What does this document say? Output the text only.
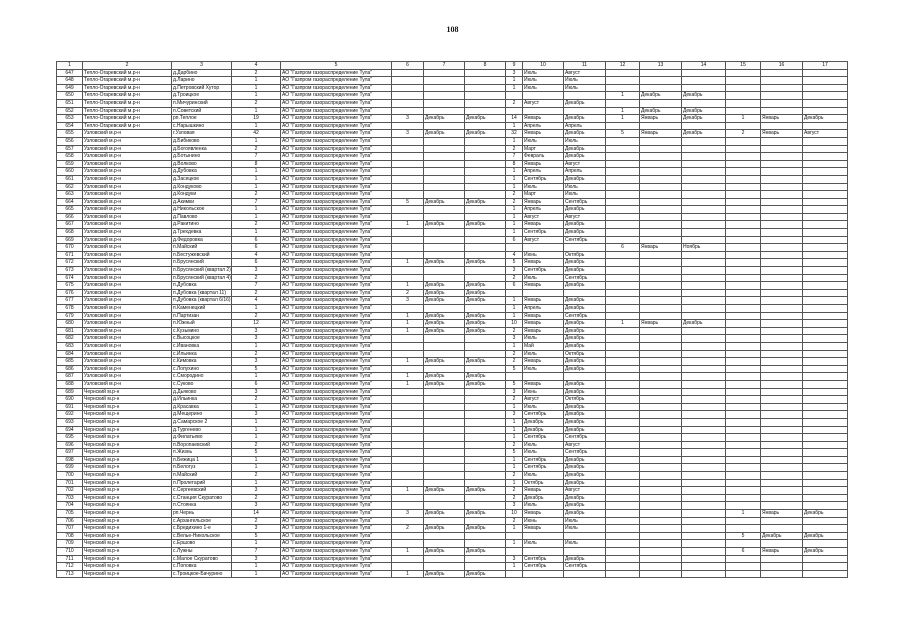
108
1	2	3	4	5	6	7	8	9	10	11	12	13	14	15	16	17
647	Тепло-Огаревский м.р-н	д.Дарбино	2	АО "Газпром газораспределение Тула"				3	Июль	Август						
648	Тепло-Огаревский м.р-н	д.Ларино	1	АО "Газпром газораспределение Тула"				1	Июль	Июль						
649	Тепло-Огаревский м.р-н	д.Петровский Хутор	1	АО "Газпром газораспределение Тула"				1	Июль	Июль						
650	Тепло-Огаревский м.р-н	д.Троицкое	1	АО "Газпром газораспределение Тула"							1	Декабрь	Декабрь			
651	Тепло-Огаревский м.р-н	п.Мичуринский	2	АО "Газпром газораспределение Тула"				2	Август	Декабрь						
652	Тепло-Огаревский м.р-н	п.Советский	1	АО "Газпром газораспределение Тула"							1	Декабрь	Декабрь			
653	Тепло-Огаревский м.р-н	рп.Теплое	19	АО "Газпром газораспределение Тула"	3	Декабрь	Декабрь	14	Январь	Декабрь	1	Январь	Декабрь	1	Январь	Декабрь
654	Тепло-Огаревский м.р-н	с.Нарышкино	1	АО "Газпром газораспределение Тула"				1	Апрель	Апрель						
655	Узловский м.р-н	г.Узловая	42	АО "Газпром газораспределение Тула"	3	Декабрь	Декабрь	32	Январь	Декабрь	5	Январь	Декабрь	2	Январь	Август
656	Узловский м.р-н	д.Бибиково	1	АО "Газпром газораспределение Тула"				1	Июль	Июль						
657	Узловский м.р-н	д.Богоявленка	2	АО "Газпром газораспределение Тула"				2	Март	Декабрь						
658	Узловский м.р-н	д.Ботынино	7	АО "Газпром газораспределение Тула"				7	Февраль	Декабрь						
659	Узловский м.р-н	д.Волково	8	АО "Газпром газораспределение Тула"				8	Январь	Август						
660	Узловский м.р-н	д.Дубовка	1	АО "Газпром газораспределение Тула"				1	Апрель	Апрель						
661	Узловский м.р-н	д.Засецкое	1	АО "Газпром газораспределение Тула"				1	Сентябрь	Декабрь						
662	Узловский м.р-н	д.Кондуково	1	АО "Газпром газораспределение Тула"				1	Июль	Июль						
663	Узловский м.р-н	д.Кондуки	2	АО "Газпром газораспределение Тула"				2	Март	Июль						
664	Узловский м.р-н	д.Акимки	7	АО "Газпром газораспределение Тула"	5	Декабрь	Декабрь	2	Январь	Сентябрь						
665	Узловский м.р-н	д.Никольское	1	АО "Газпром газораспределение Тула"				1	Апрель	Декабрь						
666	Узловский м.р-н	д.Павлово	1	АО "Газпром газораспределение Тула"				1	Август	Август						
667	Узловский м.р-н	д.Ракитино	2	АО "Газпром газораспределение Тула"	1	Декабрь	Декабрь	1	Январь	Декабрь						
668	Узловский м.р-н	д.Трехдевка	1	АО "Газпром газораспределение Тула"				1	Сентябрь	Декабрь						
669	Узловский м.р-н	д.Федоровка	6	АО "Газпром газораспределение Тула"				6	Август	Сентябрь						
670	Узловский м.р-н	п.Майский	6	АО "Газпром газораспределение Тула"							6	Январь	Ноябрь			
671	Узловский м.р-н	п.Бестужевский	4	АО "Газпром газораспределение Тула"				4	Июнь	Октябрь						
672	Узловский м.р-н	п.Брусянский	6	АО "Газпром газораспределение Тула"	1	Декабрь	Декабрь	5	Январь	Декабрь						
673	Узловский м.р-н	п.Брусянский (квартал 2)	3	АО "Газпром газораспределение Тула"				3	Сентябрь	Декабрь						
674	Узловский м.р-н	п.Брусянский (квартал 4)	2	АО "Газпром газораспределение Тула"				2	Июль	Сентябрь						
675	Узловский м.р-н	п.Дубовка	7	АО "Газпром газораспределение Тула"	1	Декабрь	Декабрь	6	Январь	Декабрь						
676	Узловский м.р-н	п.Дубовка (квартал 11)	2	АО "Газпром газораспределение Тула"	2	Декабрь	Декабрь									
677	Узловский м.р-н	п.Дубовка (квартал 6/16)	4	АО "Газпром газораспределение Тула"	3	Декабрь	Декабрь	1	Январь	Декабрь						
678	Узловский м.р-н	п.Каменецкий	1	АО "Газпром газораспределение Тула"				1	Апрель	Декабрь						
679	Узловский м.р-н	п.Партизан	2	АО "Газпром газораспределение Тула"	1	Декабрь	Декабрь	1	Январь	Сентябрь						
680	Узловский м.р-н	п.Южный	12	АО "Газпром газораспределение Тула"	1	Декабрь	Декабрь	10	Январь	Декабрь	1	Январь	Декабрь			
681	Узловский м.р-н	с.Кузьмино	3	АО "Газпром газораспределение Тула"	1	Декабрь	Декабрь	2	Январь	Декабрь						
682	Узловский м.р-н	с.Высоцкое	3	АО "Газпром газораспределение Тула"				3	Июль	Декабрь						
683	Узловский м.р-н	с.Ивановка	1	АО "Газпром газораспределение Тула"				1	Май	Декабрь						
684	Узловский м.р-н	с.Ильинка	2	АО "Газпром газораспределение Тула"				2	Июль	Октябрь						
685	Узловский м.р-н	с.Кимовка	3	АО "Газпром газораспределение Тула"	1	Декабрь	Декабрь	2	Январь	Декабрь						
686	Узловский м.р-н	с.Лопухино	5	АО "Газпром газораспределение Тула"				5	Июль	Декабрь						
687	Узловский м.р-н	с.Смородино	1	АО "Газпром газораспределение Тула"	1	Декабрь	Декабрь									
688	Узловский м.р-н	с.Суково	6	АО "Газпром газораспределение Тула"	1	Декабрь	Декабрь	5	Январь	Декабрь						
689	Чернский м.р-н	д.Дьяково	3	АО "Газпром газораспределение Тула"				3	Июнь	Декабрь						
690	Чернский м.р-н	д.Ильинка	2	АО "Газпром газораспределение Тула"				2	Август	Октябрь						
691	Чернский м.р-н	д.Красавка	1	АО "Газпром газораспределение Тула"				1	Июль	Декабрь						
692	Чернский м.р-н	д.Мещерино	3	АО "Газпром газораспределение Тула"				3	Сентябрь	Декабрь						
693	Чернский м.р-н	д.Самарское 2	1	АО "Газпром газораспределение Тула"				1	Декабрь	Декабрь						
694	Чернский м.р-н	д.Тургенево	1	АО "Газпром газораспределение Тула"				1	Декабрь	Декабрь						
695	Чернский м.р-н	д.Филатьево	1	АО "Газпром газораспределение Тула"				1	Сентябрь	Сентябрь						
696	Чернский м.р-н	п.Воропаевский	2	АО "Газпром газораспределение Тула"				2	Июль	Август						
697	Чернский м.р-н	п.Жизнь	5	АО "Газпром газораспределение Тула"				5	Июль	Сентябрь						
698	Чернский м.р-н	п.Бежица 1	1	АО "Газпром газораспределение Тула"				1	Сентябрь	Декабрь						
699	Чернский м.р-н	п.Белогуз	1	АО "Газпром газораспределение Тула"				1	Сентябрь	Декабрь						
700	Чернский м.р-н	п.Майский	2	АО "Газпром газораспределение Тула"				2	Июль	Декабрь						
701	Чернский м.р-н	п.Пролетарий	1	АО "Газпром газораспределение Тула"				1	Октябрь	Декабрь						
702	Чернский м.р-н	с.Сергеевский	3	АО "Газпром газораспределение Тула"	1	Декабрь	Декабрь	2	Январь	Август						
703	Чернский м.р-н	с.Станция Скуратово	2	АО "Газпром газораспределение Тула"				2	Декабрь	Декабрь						
704	Чернский м.р-н	п.Стоянка	3	АО "Газпром газораспределение Тула"				3	Июль	Декабрь						
705	Чернский м.р-н	рп.Чернь	14	АО "Газпром газораспределение Тула"	3	Декабрь	Декабрь	10	Январь	Декабрь				1	Январь	Декабрь
706	Чернский м.р-н	с.Архангельское	2	АО "Газпром газораспределение Тула"				2	Июнь	Июль						
707	Чернский м.р-н	с.Бредихино 1-е	3	АО "Газпром газораспределение Тула"	2	Декабрь	Декабрь	1	Январь	Июль						
708	Чернский м.р-н	с.Велье-Никольское	5	АО "Газпром газораспределение Тула"										5	Декабрь	Декабрь
709	Чернский м.р-н	с.Ершово	1	АО "Газпром газораспределение Тула"				1	Июль	Июль						
710	Чернский м.р-н	с.Лужны	7	АО "Газпром газораспределение Тула"	1	Декабрь	Декабрь							6	Январь	Декабрь
711	Чернский м.р-н	с.Малое Скуратово	3	АО "Газпром газораспределение Тула"				3	Сентябрь	Декабрь						
712	Чернский м.р-н	с.Поповка	1	АО "Газпром газораспределение Тула"				1	Сентябрь	Сентябрь						
713	Чернский м.р-н	с.Троицкое-Бачурино	1	АО "Газпром газораспределение Тула"	1	Декабрь	Декабрь									
